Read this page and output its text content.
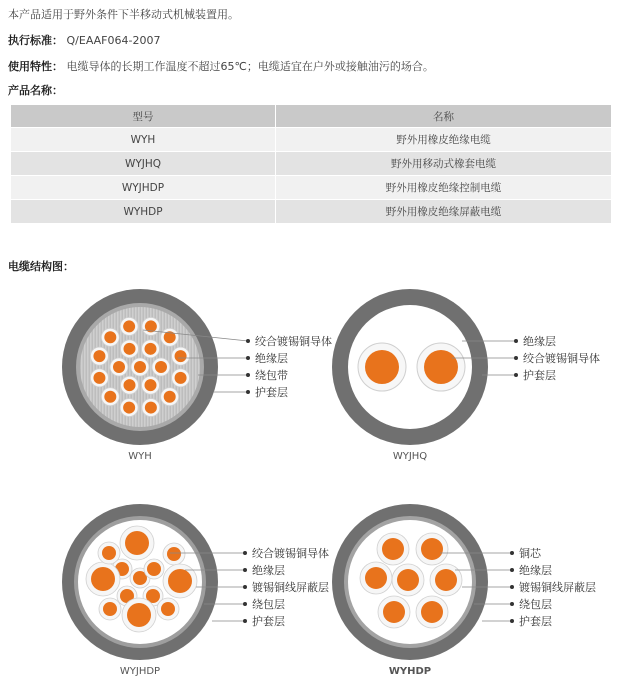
本产品适用于野外条件下半移动式机械装置用。
执行标准： Q/EAAF064-2007
使用特性： 电缆导体的长期工作温度不超过65℃；电缆适宜在户外或接触油污的场合。
产品名称：
型号	名称
WYH	野外用橡皮绝缘电缆
WYJHQ	野外用移动式橡套电缆
WYJHDP	野外用橡皮绝缘控制电缆
WYHDP	野外用橡皮绝缘屏蔽电缆
电缆结构图：
绞合镀锡铜导体
绝缘层
绕包带
护套层
WYH
绝缘层
绞合镀锡铜导体
护套层
WYJHQ
绞合镀锡铜导体
绝缘层
镀锡铜线屏蔽层
绕包层
护套层
WYJHDP
铜芯
绝缘层
镀锡铜线屏蔽层
绕包层
护套层
WYHDP
